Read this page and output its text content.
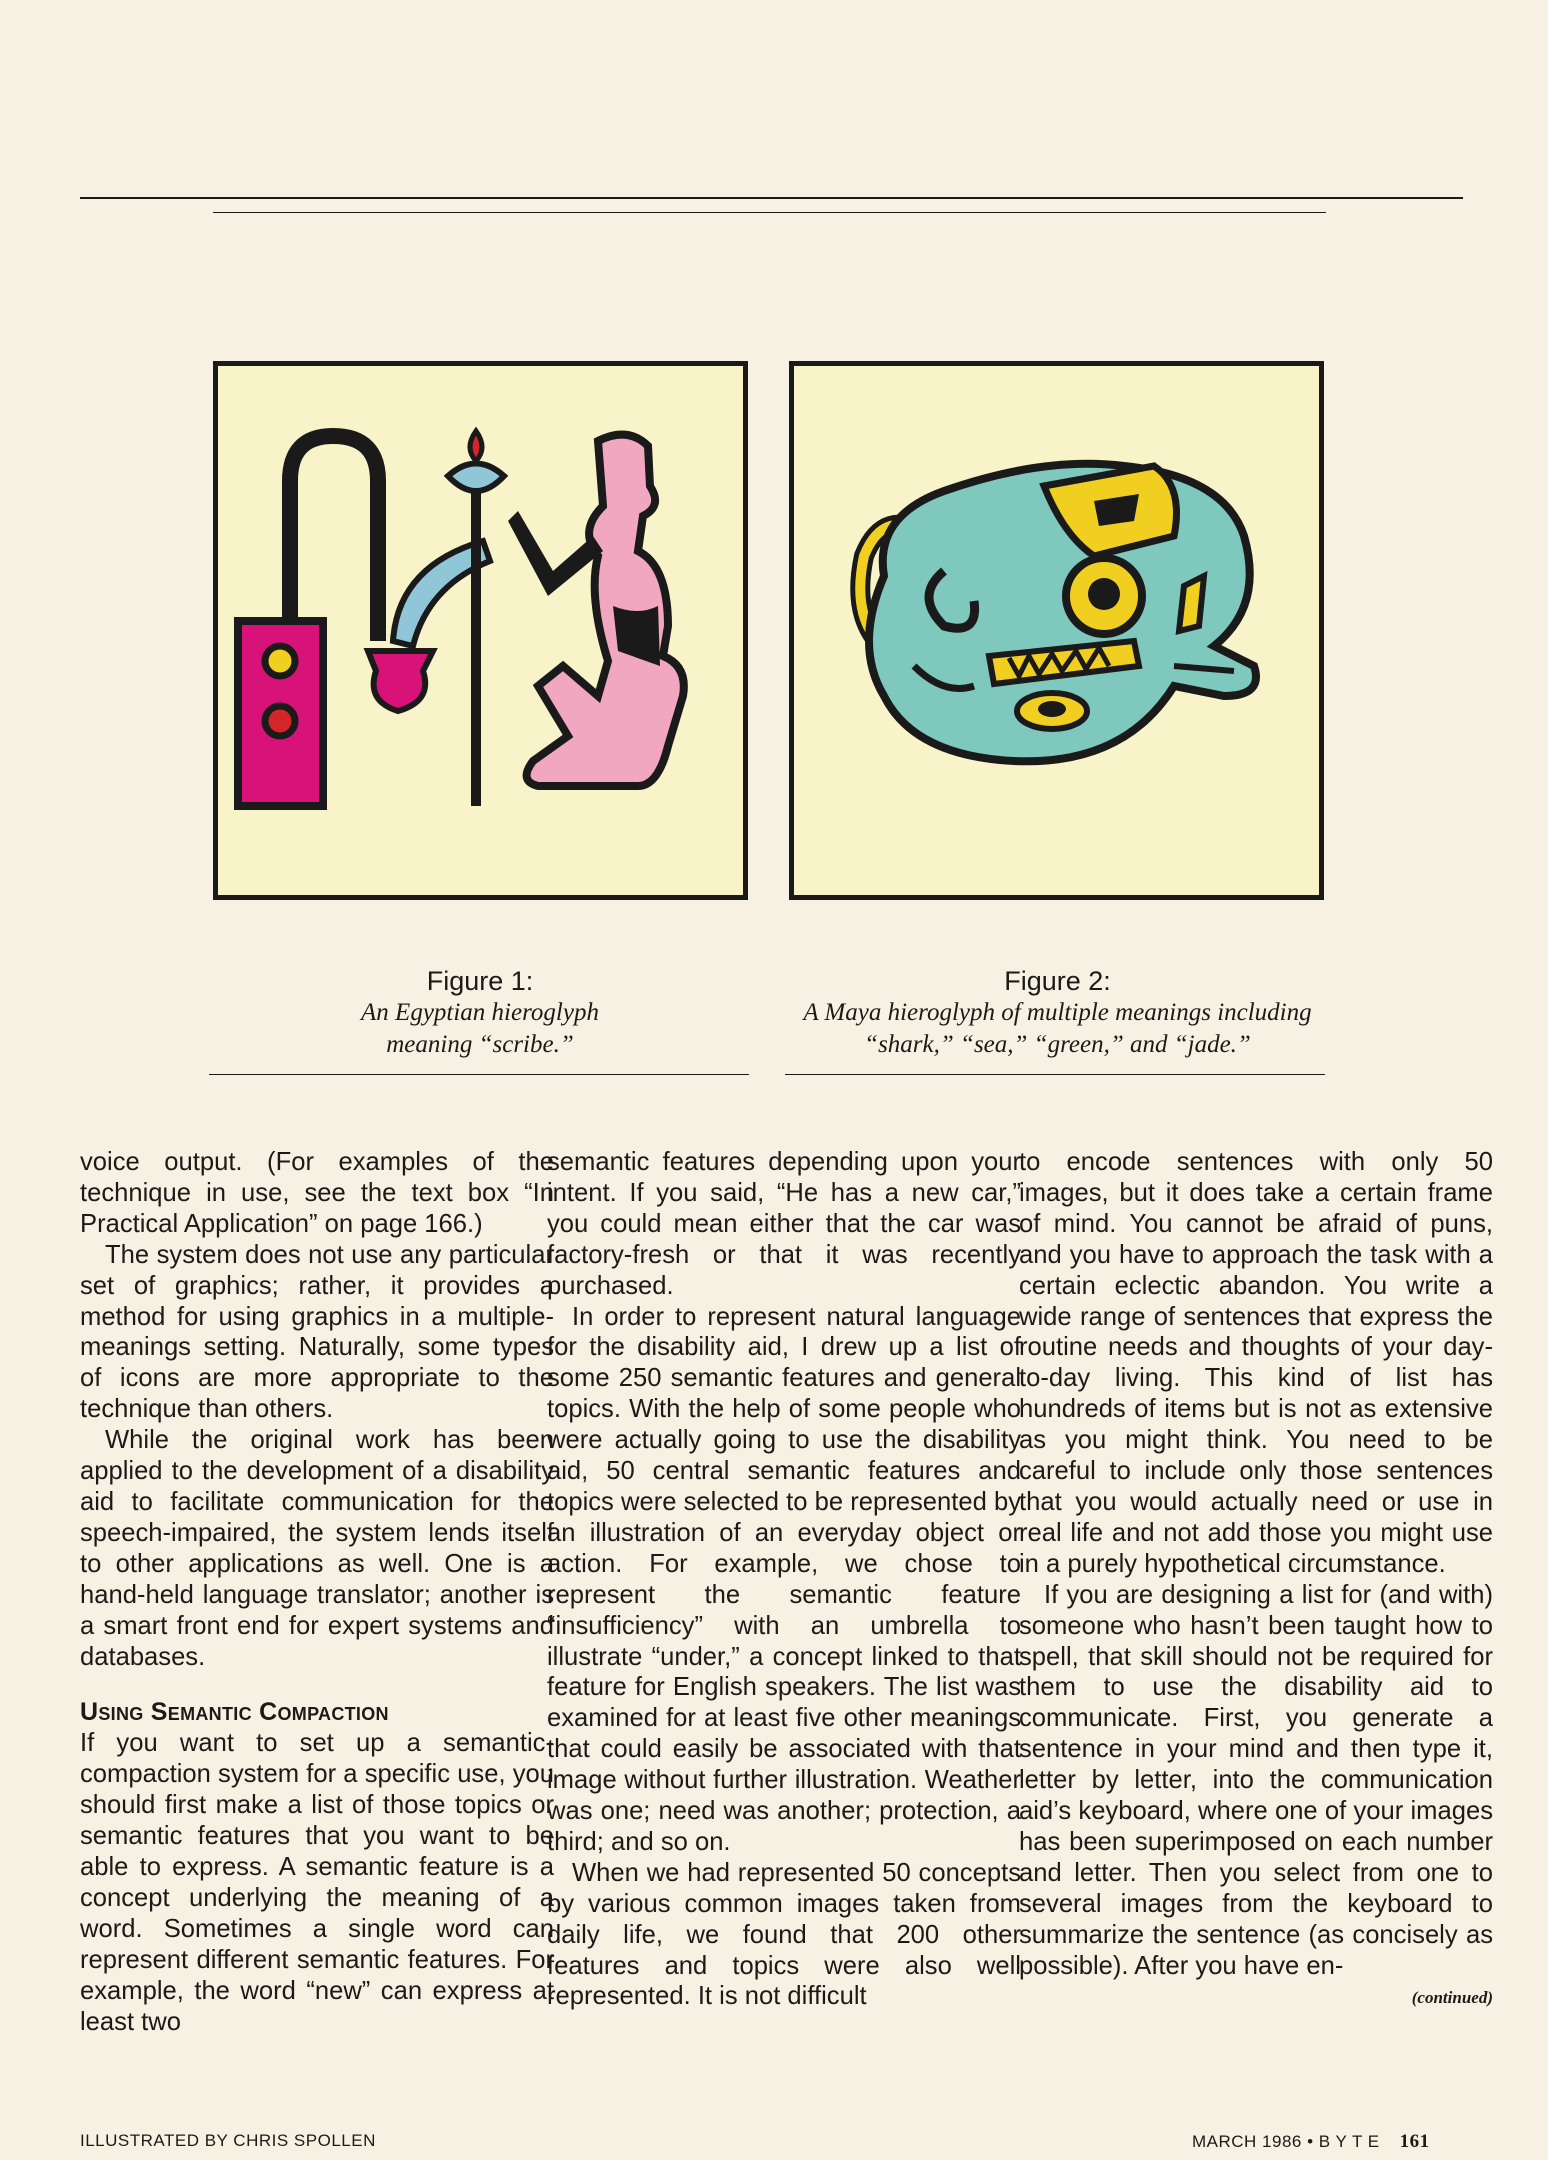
Figure 1:
An Egyptian hieroglyph meaning “scribe.”
Figure 2:
A Maya hieroglyph of multiple meanings including “shark,” “sea,” “green,” and “jade.”

voice output. (For examples of the technique in use, see the text box “In Practical Application” on page 166.)

The system does not use any particular set of graphics; rather, it provides a method for using graphics in a multiple-meanings setting. Naturally, some types of icons are more appropriate to the technique than others.

While the original work has been applied to the development of a disability aid to facilitate communication for the speech-impaired, the system lends itself to other applications as well. One is a hand-held language translator; another is a smart front end for expert systems and databases.

Using Semantic Compaction

If you want to set up a semantic-compaction system for a specific use, you should first make a list of those topics or semantic features that you want to be able to express. A semantic feature is a concept underlying the meaning of a word. Sometimes a single word can represent different semantic features. For example, the word “new” can express at least two

semantic features depending upon your intent. If you said, “He has a new car,” you could mean either that the car was factory-fresh or that it was recently purchased.

In order to represent natural language for the disability aid, I drew up a list of some 250 semantic features and general topics. With the help of some people who were actually going to use the disability aid, 50 central semantic features and topics were selected to be represented by an illustration of an everyday object or action. For example, we chose to represent the semantic feature “insufficiency” with an umbrella to illustrate “under,” a concept linked to that feature for English speakers. The list was examined for at least five other meanings that could easily be associated with that image without further illustration. Weather was one; need was another; protection, a third; and so on.

When we had represented 50 concepts by various common images taken from daily life, we found that 200 other features and topics were also well represented. It is not difficult

to encode sentences with only 50 images, but it does take a certain frame of mind. You cannot be afraid of puns, and you have to approach the task with a certain eclectic abandon. You write a wide range of sentences that express the routine needs and thoughts of your day-to-day living. This kind of list has hundreds of items but is not as extensive as you might think. You need to be careful to include only those sentences that you would actually need or use in real life and not add those you might use in a purely hypothetical circumstance.

If you are designing a list for (and with) someone who hasn’t been taught how to spell, that skill should not be required for them to use the disability aid to communicate. First, you generate a sentence in your mind and then type it, letter by letter, into the communication aid’s keyboard, where one of your images has been superimposed on each number and letter. Then you select from one to several images from the keyboard to summarize the sentence (as concisely as possible). After you have en-

(continued)
ILLUSTRATED BY CHRIS SPOLLEN	MARCH 1986 • B Y T E 161
